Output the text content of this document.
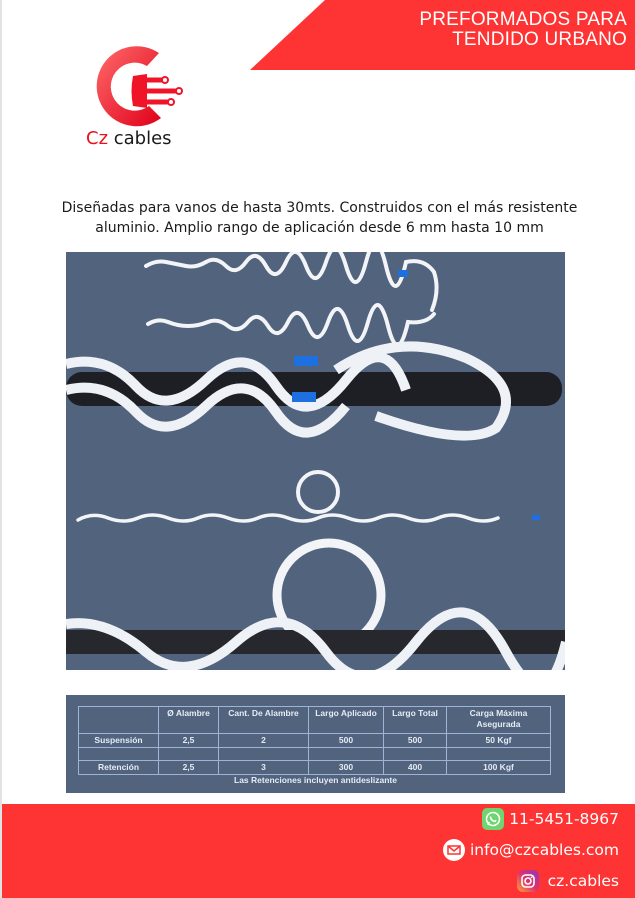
PREFORMADOS PARA
TENDIDO URBANO
Cz cables
Diseñadas para vanos de hasta 30mts. Construidos con el más resistente
aluminio. Amplio rango de aplicación desde 6 mm hasta 10 mm
	Ø Alambre	Cant. De Alambre	Largo Aplicado	Largo Total	Carga Máxima Asegurada
Suspensión	2,5	2	500	500	50 Kgf

Retención	2,5	3	300	400	100 Kgf
Las Retenciones incluyen antideslizante
11-5451-8967
info@czcables.com
cz.cables
